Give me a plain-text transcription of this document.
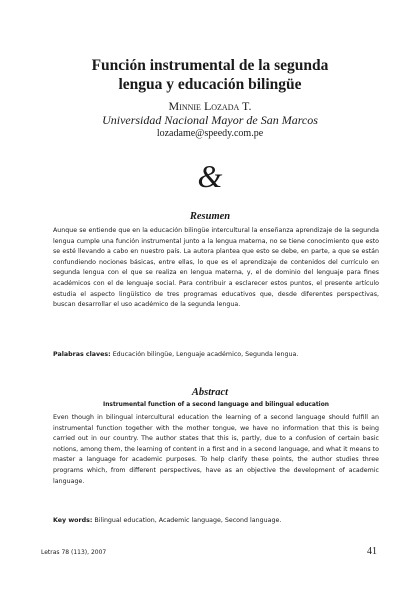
Función instrumental de la segunda
lengua y educación bilingüe
Minnie Lozada T.
Universidad Nacional Mayor de San Marcos
lozadame@speedy.com.pe
&
Resumen
Aunque se entiende que en la educación bilingüe intercultural la enseñanza aprendizaje de la segunda lengua cumple una función instrumental junto a la lengua materna, no se tiene conocimiento que esto se esté llevando a cabo en nuestro país. La autora plantea que esto se debe, en parte, a que se están confundiendo nociones básicas, entre ellas, lo que es el aprendizaje de contenidos del currículo en segunda lengua con el que se realiza en lengua materna, y, el de dominio del lenguaje para fines académicos con el de lenguaje social. Para contribuir a esclarecer estos puntos, el presente artículo estudia el aspecto lingüístico de tres programas educativos que, desde diferentes perspectivas, buscan desarrollar el uso académico de la segunda lengua.
Palabras claves: Educación bilingüe, Lenguaje académico, Segunda lengua.
Abstract
Instrumental function of a second language and bilingual education
Even though in bilingual intercultural education the learning of a second language should fulfill an instrumental function together with the mother tongue, we have no information that this is being carried out in our country. The author states that this is, partly, due to a confusion of certain basic notions, among them, the learning of content in a first and in a second language, and what it means to master a language for academic purposes. To help clarify these points, the author studies three programs which, from different perspectives, have as an objective the development of academic language.
Key words: Bilingual education, Academic language, Second language.
Letras 78 (113), 2007	41
